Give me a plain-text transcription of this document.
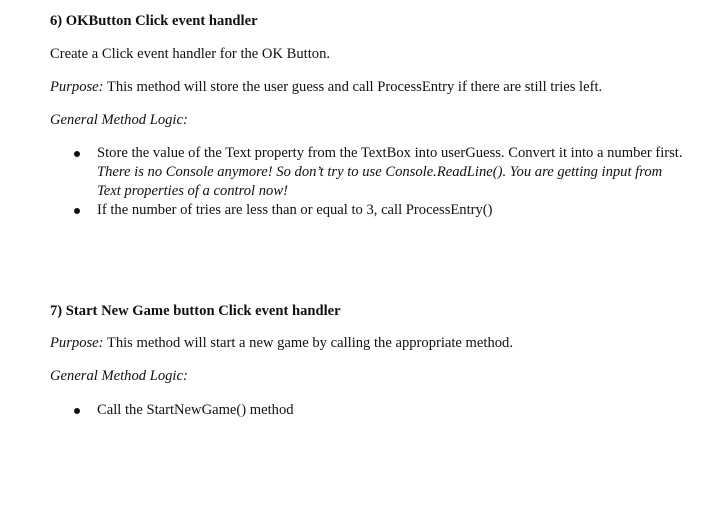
6) OKButton Click event handler
Create a Click event handler for the OK Button.
Purpose: This method will store the user guess and call ProcessEntry if there are still tries left.
General Method Logic:
Store the value of the Text property from the TextBox into userGuess. Convert it into a number first. There is no Console anymore! So don’t try to use Console.ReadLine(). You are getting input from Text properties of a control now!
If the number of tries are less than or equal to 3, call ProcessEntry()
7) Start New Game button Click event handler
Purpose: This method will start a new game by calling the appropriate method.
General Method Logic:
Call the StartNewGame() method
